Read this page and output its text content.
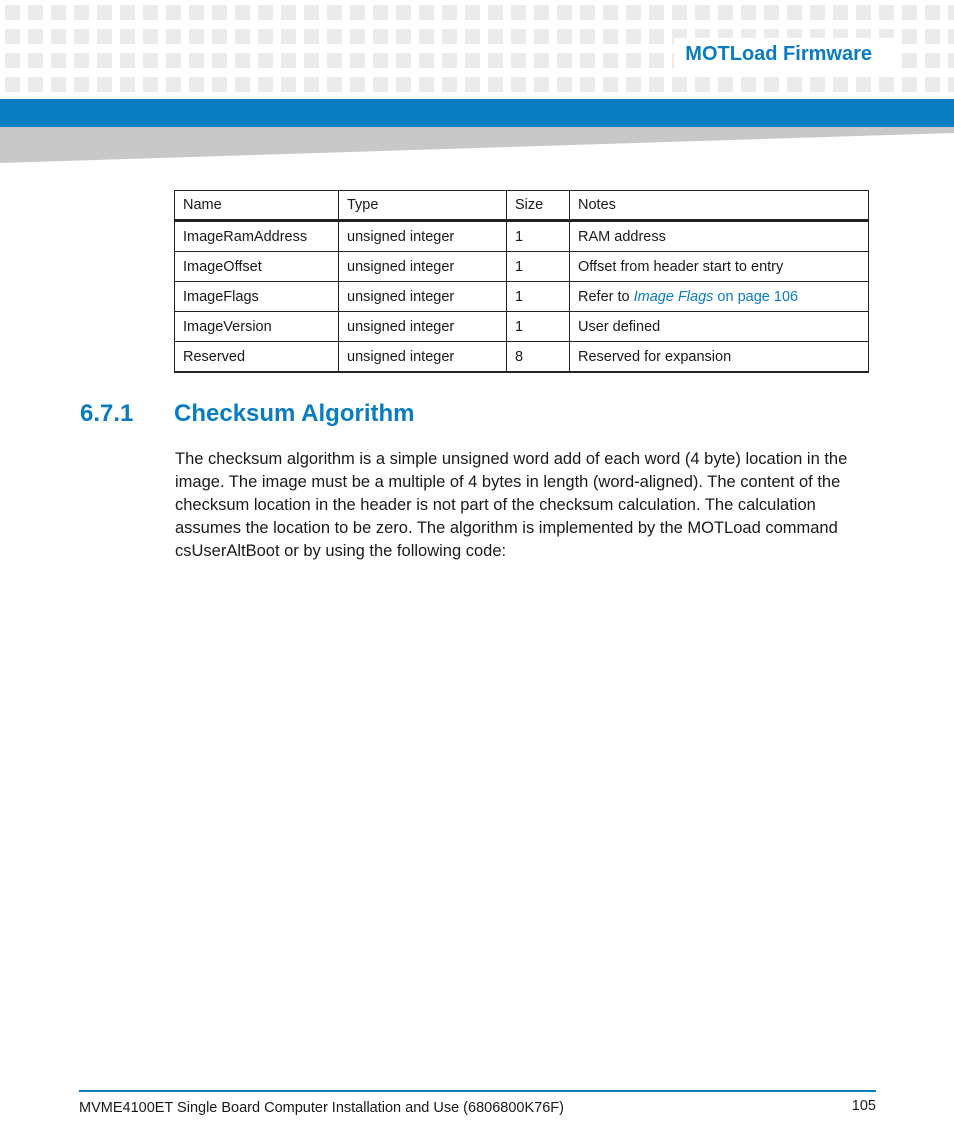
MOTLoad Firmware
Name	Type	Size	Notes
ImageRamAddress	unsigned integer	1	RAM address
ImageOffset	unsigned integer	1	Offset from header start to entry
ImageFlags	unsigned integer	1	Refer to Image Flags on page 106
ImageVersion	unsigned integer	1	User defined
Reserved	unsigned integer	8	Reserved for expansion
6.7.1 Checksum Algorithm

The checksum algorithm is a simple unsigned word add of each word (4 byte) location in the image. The image must be a multiple of 4 bytes in length (word-aligned). The content of the checksum location in the header is not part of the checksum calculation. The calculation assumes the location to be zero. The algorithm is implemented by the MOTLoad command csUserAltBoot or by using the following code:

MVME4100ET Single Board Computer Installation and Use (6806800K76F)	105
